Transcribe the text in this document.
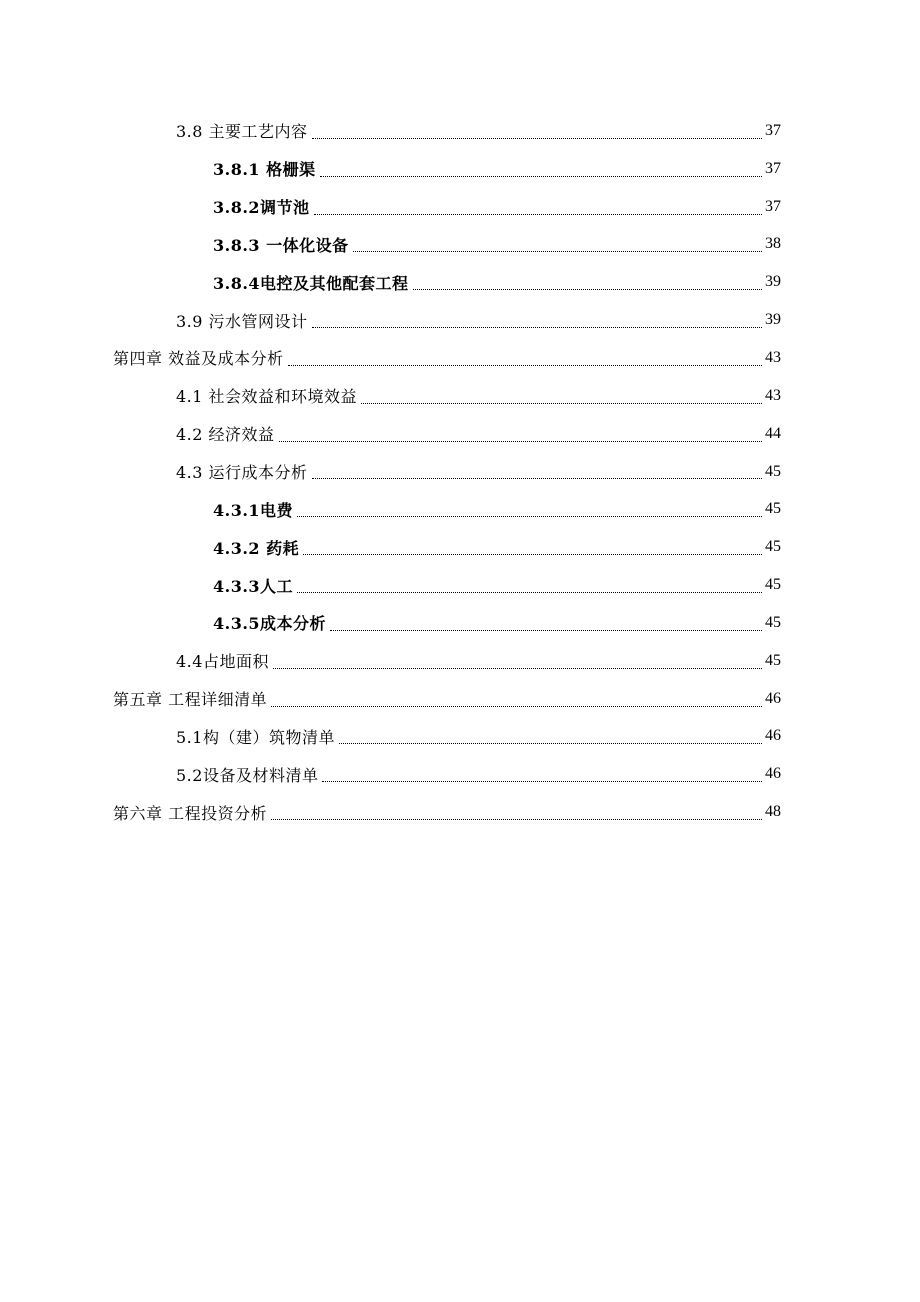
3.8 主要工艺内容	37
3.8.1 格栅渠	37
3.8.2调节池	37
3.8.3 一体化设备	38
3.8.4电控及其他配套工程	39
3.9 污水管网设计	39
第四章 效益及成本分析	43
4.1 社会效益和环境效益	43
4.2 经济效益	44
4.3 运行成本分析	45
4.3.1电费	45
4.3.2 药耗	45
4.3.3人工	45
4.3.5成本分析	45
4.4占地面积	45
第五章 工程详细清单	46
5.1构（建）筑物清单	46
5.2设备及材料清单	46
第六章 工程投资分析	48
